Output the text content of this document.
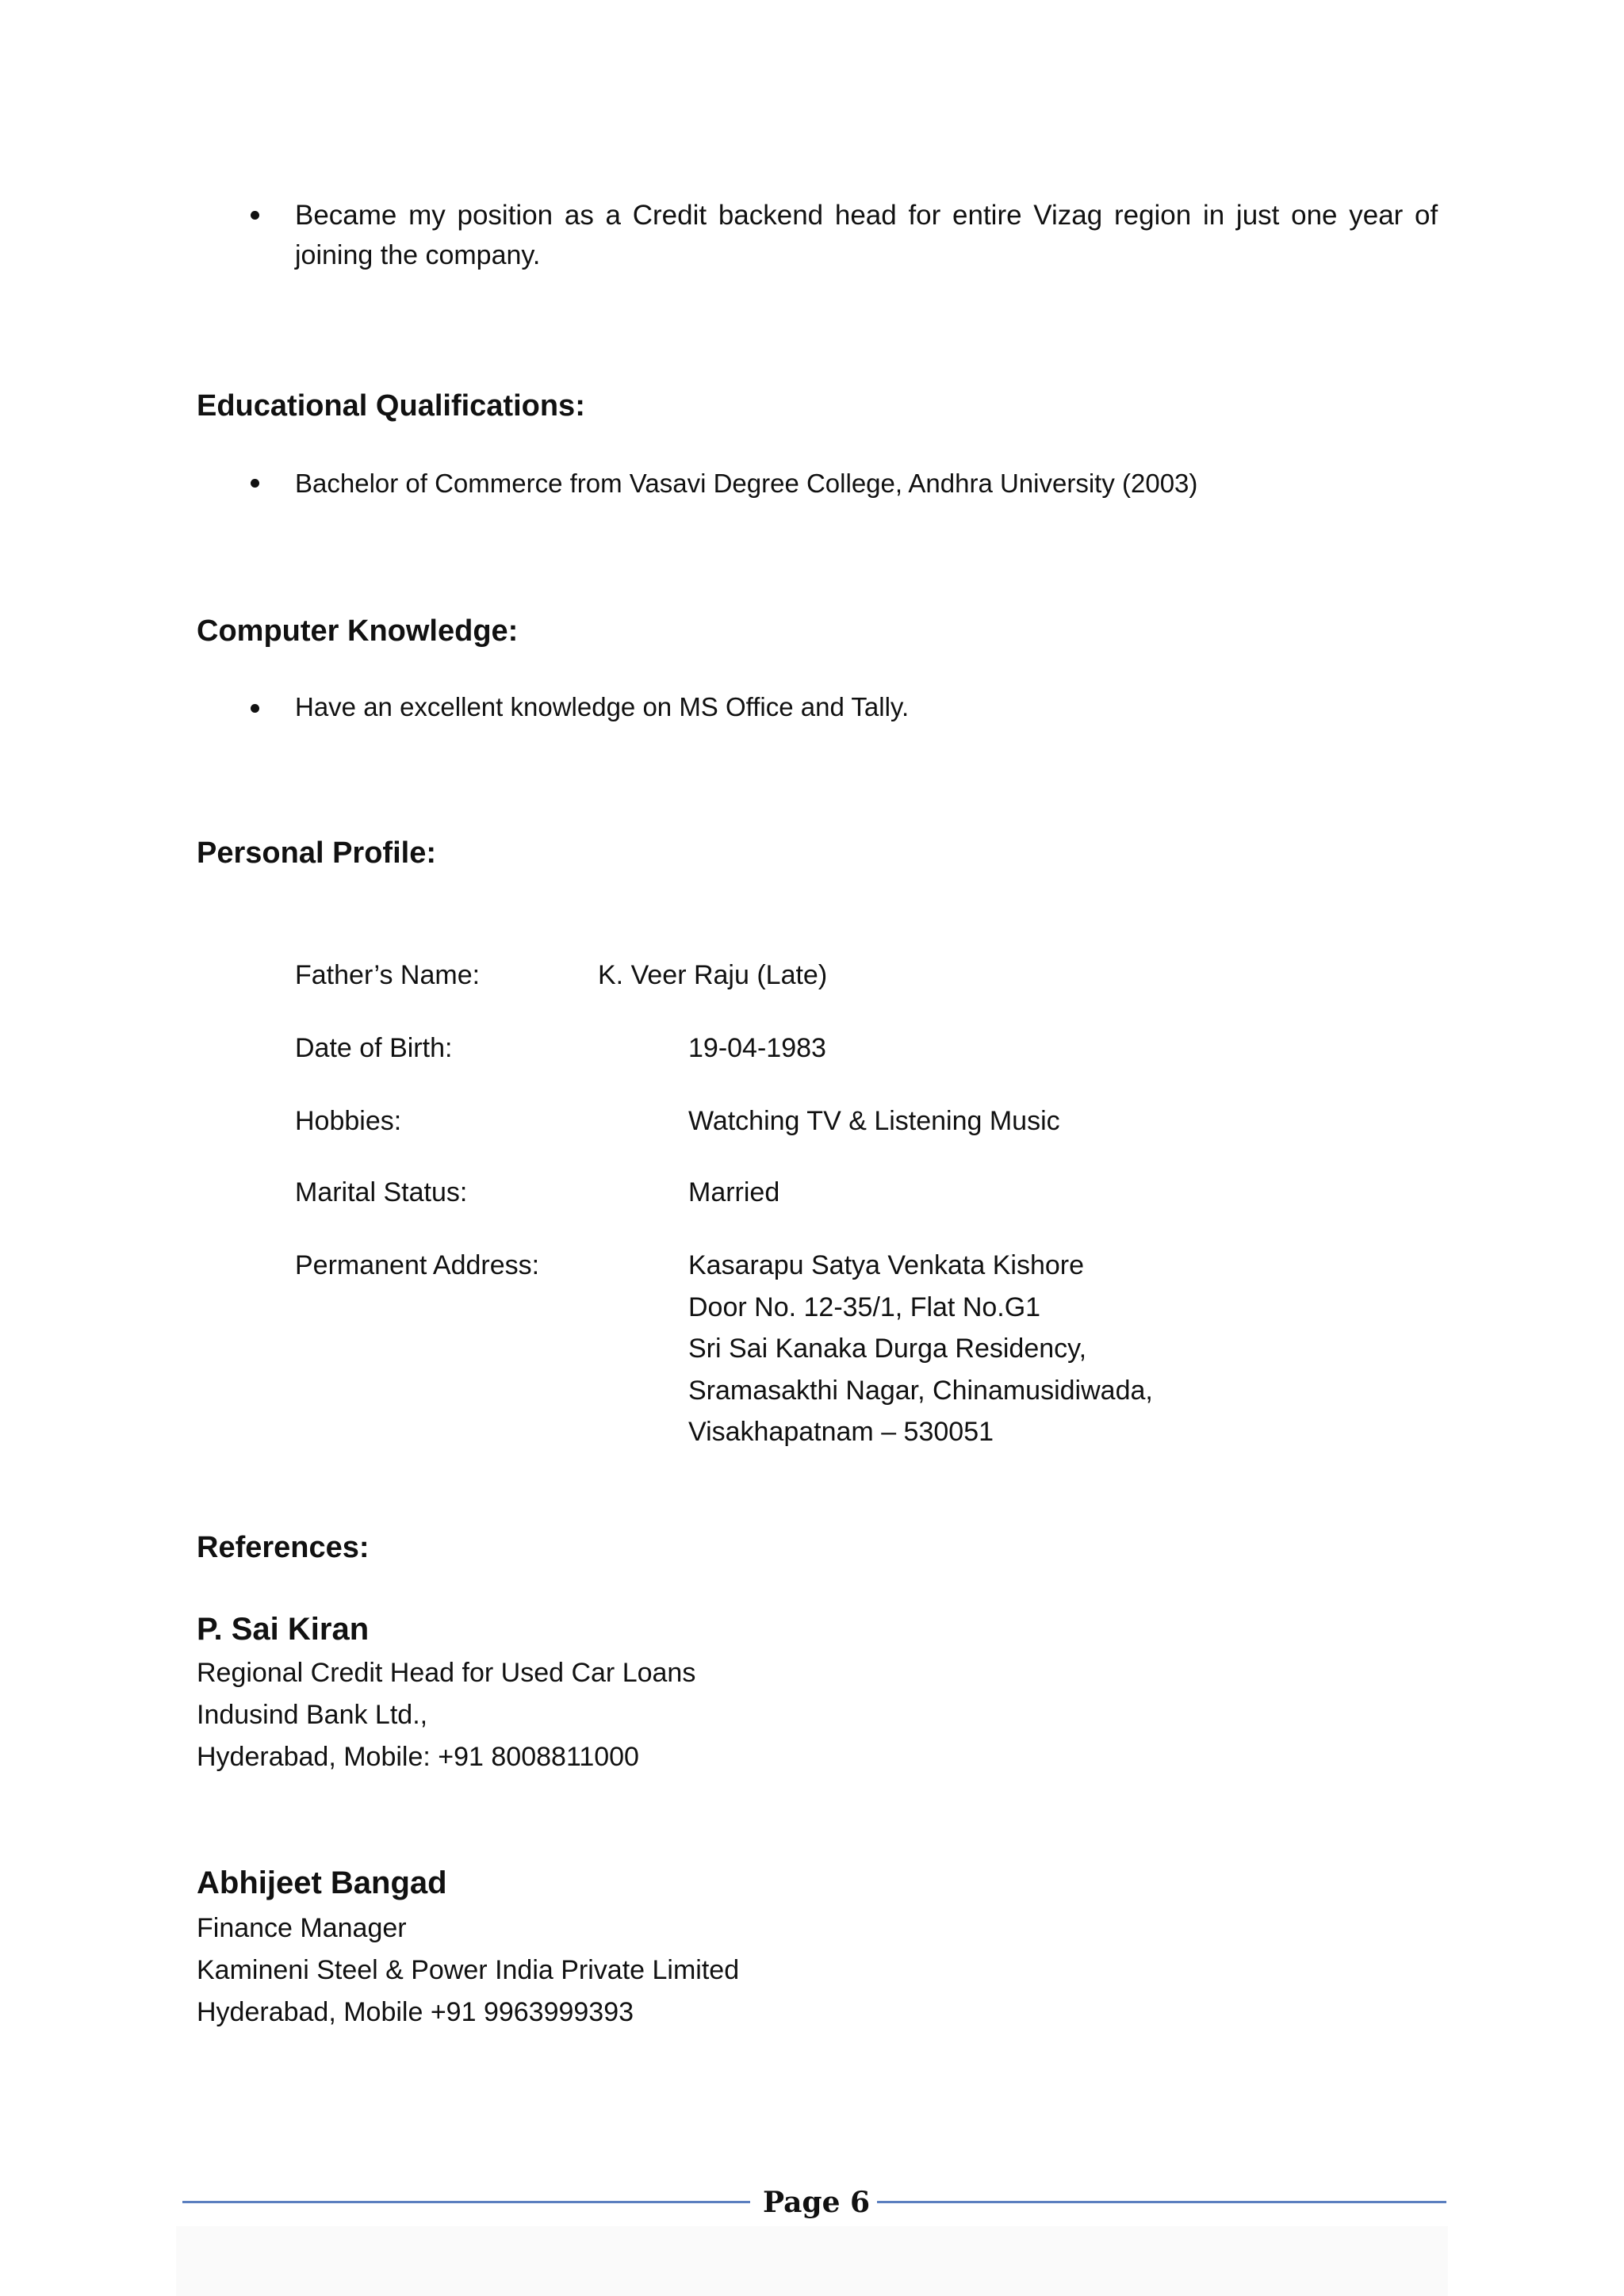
Became my position as a Credit backend head for entire Vizag region in just one year of
joining the company.
Educational Qualifications:
Bachelor of Commerce from Vasavi Degree College, Andhra University (2003)
Computer Knowledge:
Have an excellent knowledge on MS Office and Tally.
Personal Profile:
Father’s Name:	K. Veer Raju (Late)
Date of Birth:	19-04-1983
Hobbies:	Watching TV & Listening Music
Marital Status:	Married
Permanent Address:	Kasarapu Satya Venkata Kishore
Door No. 12-35/1, Flat No.G1
Sri Sai Kanaka Durga Residency,
Sramasakthi Nagar, Chinamusidiwada,
Visakhapatnam – 530051
References:
P. Sai Kiran
Regional Credit Head for Used Car Loans
Indusind Bank Ltd.,
Hyderabad, Mobile: +91 8008811000
Abhijeet Bangad
Finance Manager
Kamineni Steel & Power India Private Limited
Hyderabad, Mobile +91 9963999393
Page 6
